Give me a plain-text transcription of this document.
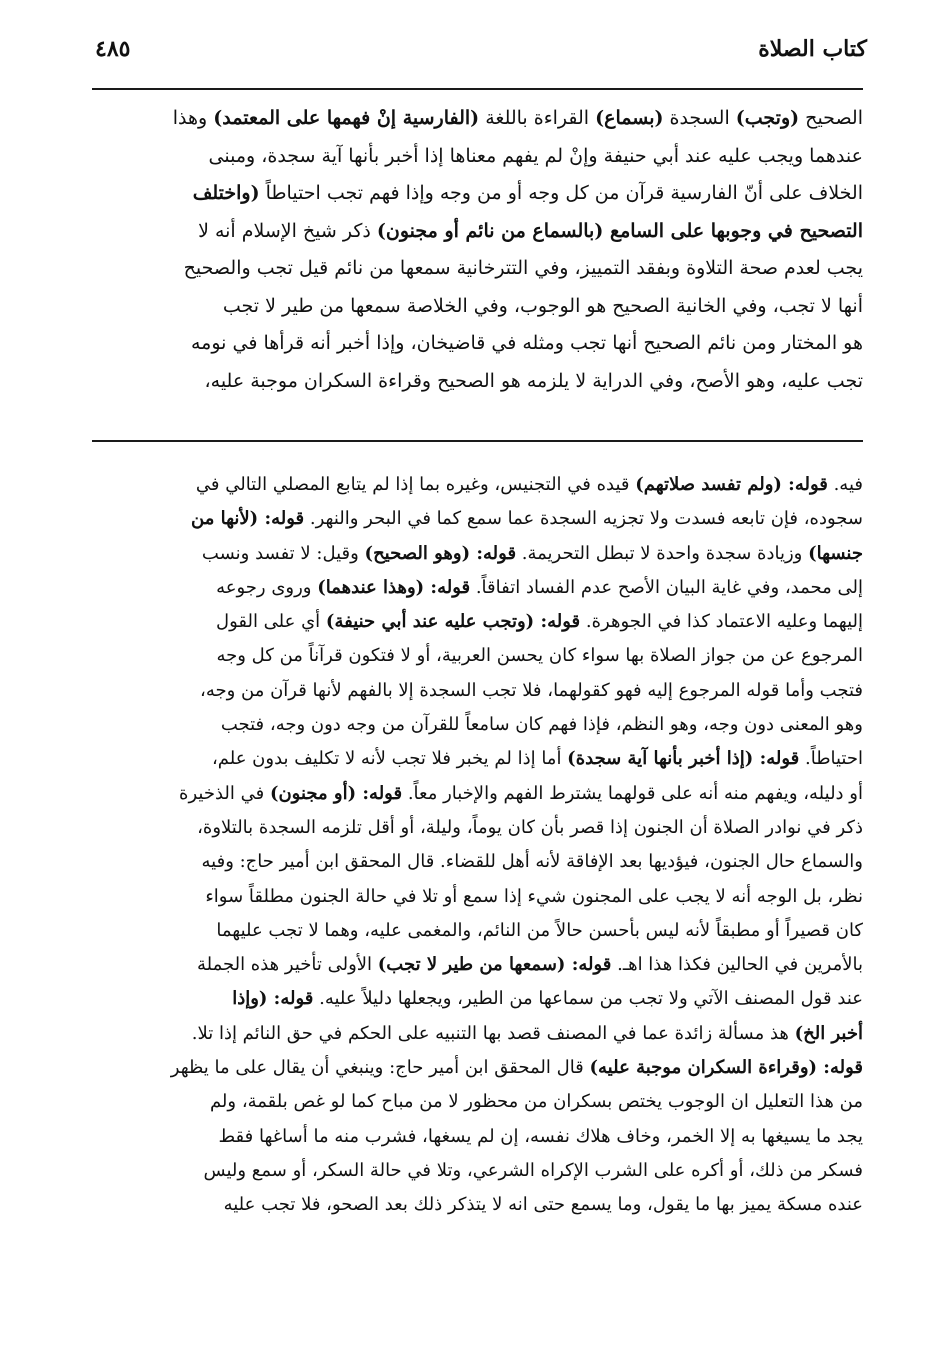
كتاب الصلاة
٤٨٥
الصحيح (وتجب) السجدة (بسماع) القراءة باللغة (الفارسية إنْ فهمها على المعتمد) وهذا
عندهما ويجب عليه عند أبي حنيفة وإنْ لم يفهم معناها إذا أخبر بأنها آية سجدة، ومبنى
الخلاف على أنّ الفارسية قرآن من كل وجه أو من وجه وإذا فهم تجب احتياطاً (واختلف
التصحيح في وجوبها على السامع (بالسماع من نائم أو مجنون) ذكر شيخ الإسلام أنه لا
يجب لعدم صحة التلاوة وبفقد التمييز، وفي التترخانية سمعها من نائم قيل تجب والصحيح
أنها لا تجب، وفي الخانية الصحيح هو الوجوب، وفي الخلاصة سمعها من طير لا تجب
هو المختار ومن نائم الصحيح أنها تجب ومثله في قاضيخان، وإذا أخبر أنه قرأها في نومه
تجب عليه، وهو الأصح، وفي الدراية لا يلزمه هو الصحيح وقراءة السكران موجبة عليه،
فيه. قوله: (ولم تفسد صلاتهم) قيده في التجنيس، وغيره بما إذا لم يتابع المصلي التالي في
سجوده، فإن تابعه فسدت ولا تجزيه السجدة عما سمع كما في البحر والنهر. قوله: (لأنها من
جنسها) وزيادة سجدة واحدة لا تبطل التحريمة. قوله: (وهو الصحيح) وقيل: لا تفسد ونسب
إلى محمد، وفي غاية البيان الأصح عدم الفساد اتفاقاً. قوله: (وهذا عندهما) وروى رجوعه
إليهما وعليه الاعتماد كذا في الجوهرة. قوله: (وتجب عليه عند أبي حنيفة) أي على القول
المرجوع عن من جواز الصلاة بها سواء كان يحسن العربية، أو لا فتكون قرآناً من كل وجه
فتجب وأما قوله المرجوع إليه فهو كقولهما، فلا تجب السجدة إلا بالفهم لأنها قرآن من وجه،
وهو المعنى دون وجه، وهو النظم، فإذا فهم كان سامعاً للقرآن من وجه دون وجه، فتجب
احتياطاً. قوله: (إذا أخبر بأنها آية سجدة) أما إذا لم يخبر فلا تجب لأنه لا تكليف بدون علم،
أو دليله، ويفهم منه أنه على قولهما يشترط الفهم والإخبار معاً. قوله: (أو مجنون) في الذخيرة
ذكر في نوادر الصلاة أن الجنون إذا قصر بأن كان يوماً، وليلة، أو أقل تلزمه السجدة بالتلاوة،
والسماع حال الجنون، فيؤديها بعد الإفاقة لأنه أهل للقضاء. قال المحقق ابن أمير حاج: وفيه
نظر، بل الوجه أنه لا يجب على المجنون شيء إذا سمع أو تلا في حالة الجنون مطلقاً سواء
كان قصيراً أو مطبقاً لأنه ليس بأحسن حالاً من النائم، والمغمى عليه، وهما لا تجب عليهما
بالأمرين في الحالين فكذا هذا اهـ. قوله: (سمعها من طير لا تجب) الأولى تأخير هذه الجملة
عند قول المصنف الآتي ولا تجب من سماعها من الطير، ويجعلها دليلاً عليه. قوله: (وإذا
أخبر الخ) هذ مسألة زائدة عما في المصنف قصد بها التنبيه على الحكم في حق النائم إذا تلا.
قوله: (وقراءة السكران موجبة عليه) قال المحقق ابن أمير حاج: وينبغي أن يقال على ما يظهر
من هذا التعليل ان الوجوب يختص بسكران من محظور لا من مباح كما لو غص بلقمة، ولم
يجد ما يسيغها به إلا الخمر، وخاف هلاك نفسه، إن لم يسغها، فشرب منه ما أساغها فقط
فسكر من ذلك، أو أكره على الشرب الإكراه الشرعي، وتلا في حالة السكر، أو سمع وليس
عنده مسكة يميز بها ما يقول، وما يسمع حتى انه لا يتذكر ذلك بعد الصحو، فلا تجب عليه
